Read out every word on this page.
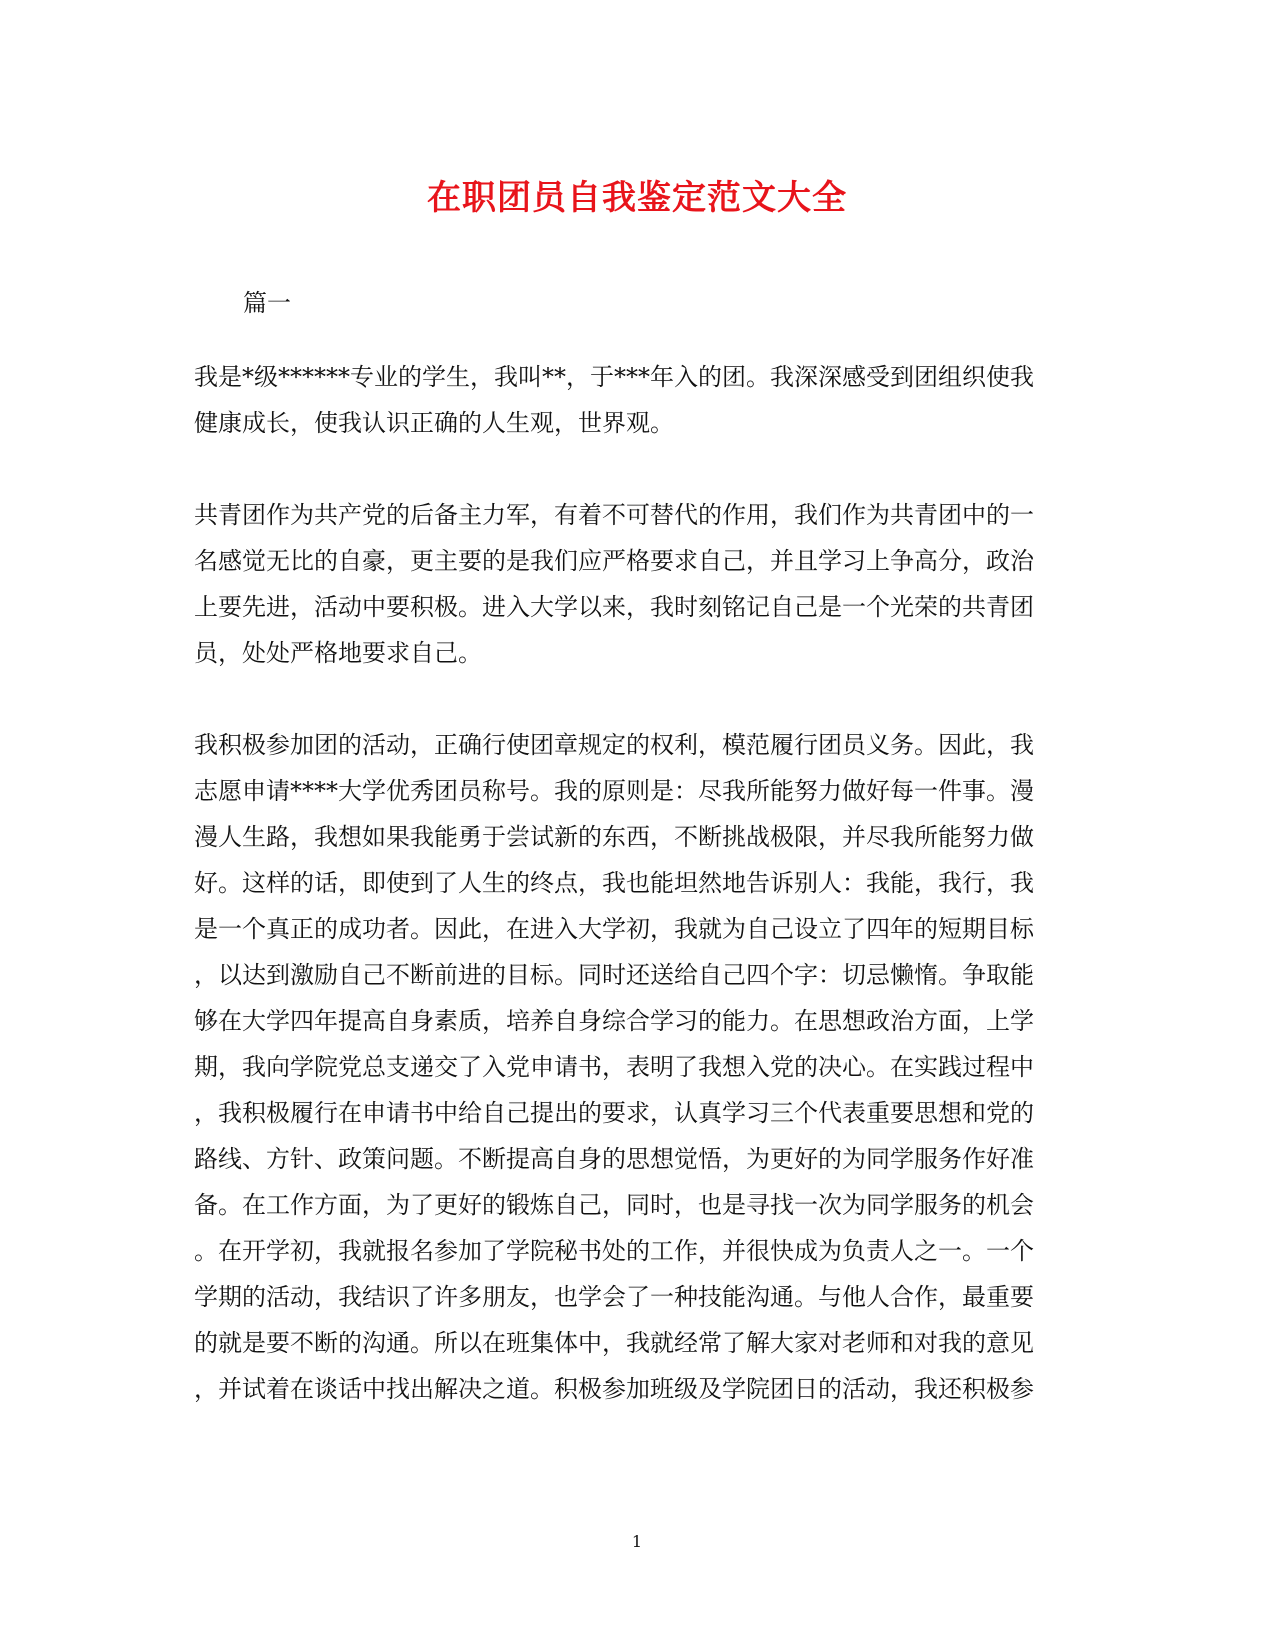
在职团员自我鉴定范文大全
篇一
我是*级******专业的学生，我叫**，于***年入的团。我深深感受到团组织使我
健康成长，使我认识正确的人生观，世界观。
共青团作为共产党的后备主力军，有着不可替代的作用，我们作为共青团中的一
名感觉无比的自豪，更主要的是我们应严格要求自己，并且学习上争高分，政治
上要先进，活动中要积极。进入大学以来，我时刻铭记自己是一个光荣的共青团
员，处处严格地要求自己。
我积极参加团的活动，正确行使团章规定的权利，模范履行团员义务。因此，我
志愿申请****大学优秀团员称号。我的原则是：尽我所能努力做好每一件事。漫
漫人生路，我想如果我能勇于尝试新的东西，不断挑战极限，并尽我所能努力做
好。这样的话，即使到了人生的终点，我也能坦然地告诉别人：我能，我行，我
是一个真正的成功者。因此，在进入大学初，我就为自己设立了四年的短期目标
，以达到激励自己不断前进的目标。同时还送给自己四个字：切忌懒惰。争取能
够在大学四年提高自身素质，培养自身综合学习的能力。在思想政治方面，上学
期，我向学院党总支递交了入党申请书，表明了我想入党的决心。在实践过程中
，我积极履行在申请书中给自己提出的要求，认真学习三个代表重要思想和党的
路线、方针、政策问题。不断提高自身的思想觉悟，为更好的为同学服务作好准
备。在工作方面，为了更好的锻炼自己，同时，也是寻找一次为同学服务的机会
。在开学初，我就报名参加了学院秘书处的工作，并很快成为负责人之一。一个
学期的活动，我结识了许多朋友，也学会了一种技能沟通。与他人合作，最重要
的就是要不断的沟通。所以在班集体中，我就经常了解大家对老师和对我的意见
，并试着在谈话中找出解决之道。积极参加班级及学院团日的活动，我还积极参
1
